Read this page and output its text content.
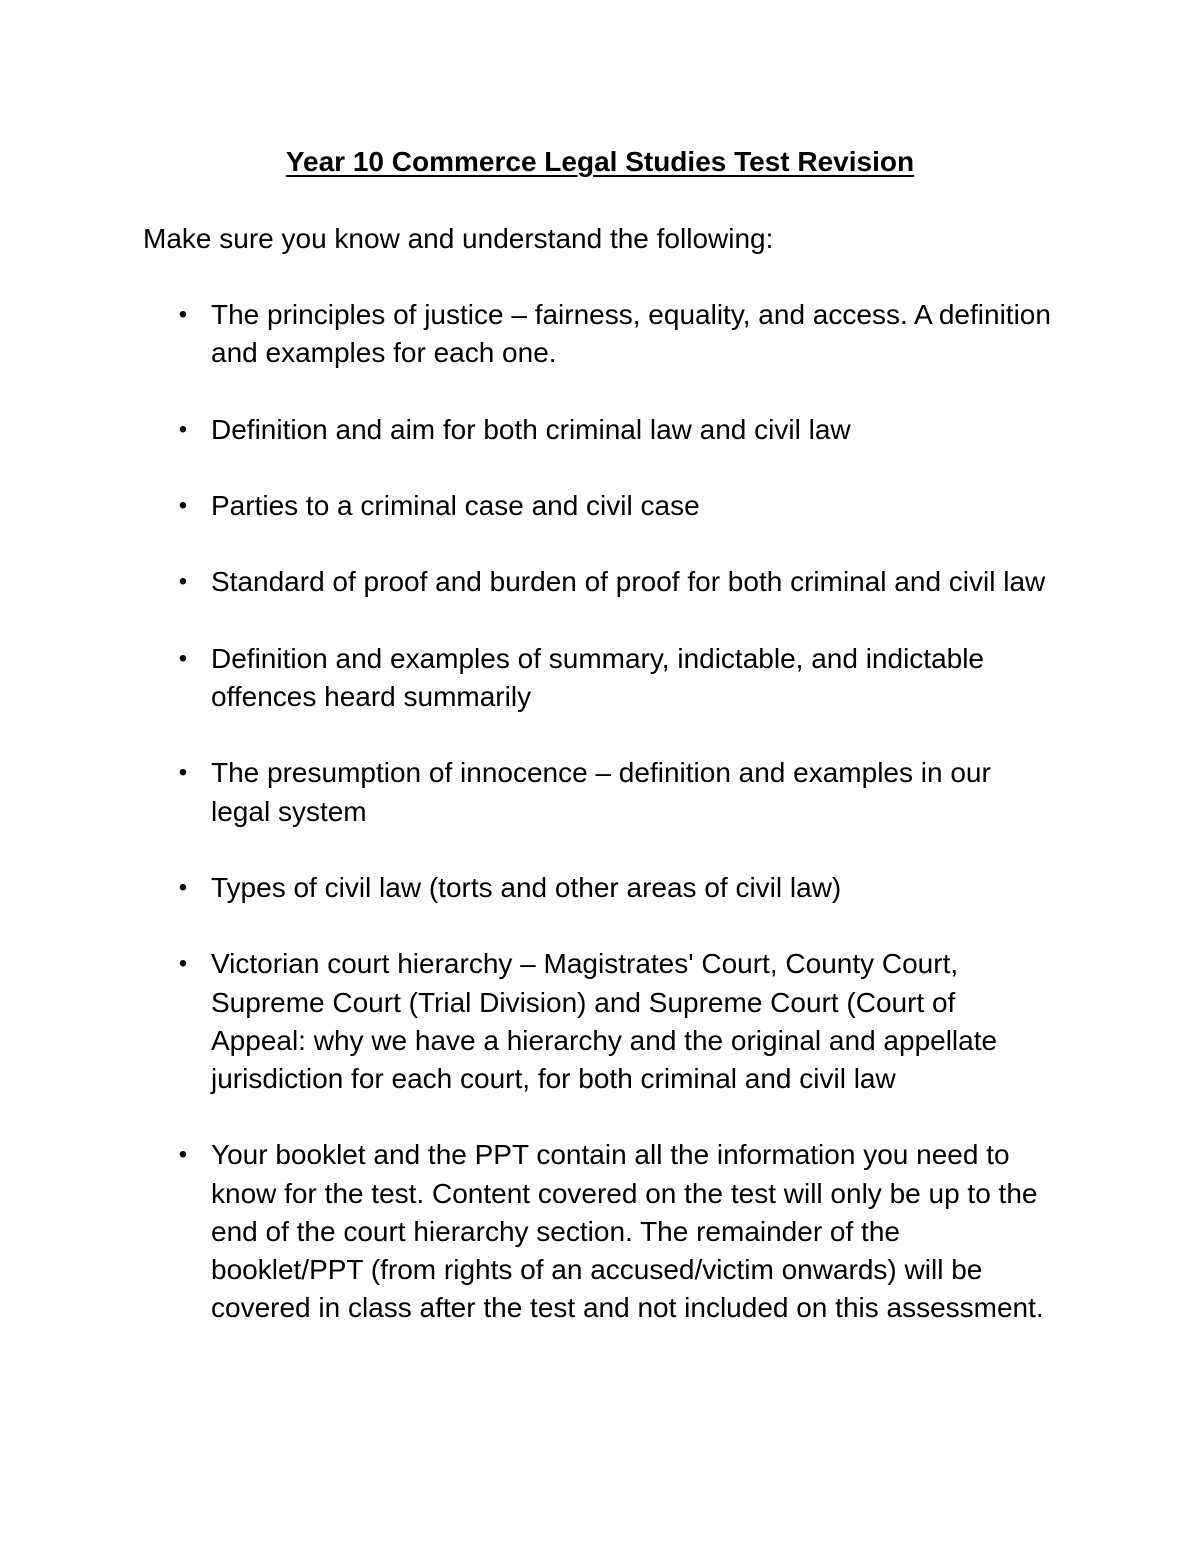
Year 10 Commerce Legal Studies Test Revision

Make sure you know and understand the following:

• The principles of justice – fairness, equality, and access. A definition and examples for each one.
• Definition and aim for both criminal law and civil law
• Parties to a criminal case and civil case
• Standard of proof and burden of proof for both criminal and civil law
• Definition and examples of summary, indictable, and indictable offences heard summarily
• The presumption of innocence – definition and examples in our legal system
• Types of civil law (torts and other areas of civil law)
• Victorian court hierarchy – Magistrates' Court, County Court, Supreme Court (Trial Division) and Supreme Court (Court of Appeal: why we have a hierarchy and the original and appellate jurisdiction for each court, for both criminal and civil law
• Your booklet and the PPT contain all the information you need to know for the test. Content covered on the test will only be up to the end of the court hierarchy section. The remainder of the booklet/PPT (from rights of an accused/victim onwards) will be covered in class after the test and not included on this assessment.
